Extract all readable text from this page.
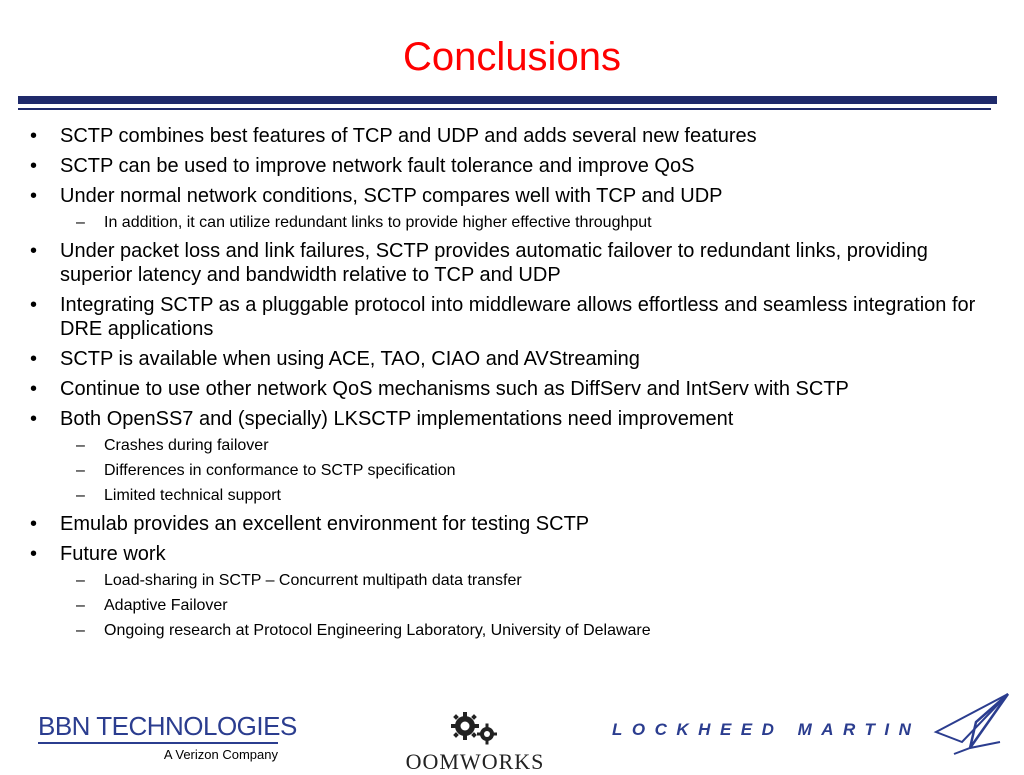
Conclusions
• SCTP combines best features of TCP and UDP and adds several new features
• SCTP can be used to improve network fault tolerance and improve QoS
• Under normal network conditions, SCTP compares well with TCP and UDP
– In addition, it can utilize redundant links to provide higher effective throughput
• Under packet loss and link failures, SCTP provides automatic failover to redundant links, providing superior latency and bandwidth relative to TCP and UDP
• Integrating SCTP as a pluggable protocol into middleware allows effortless and seamless integration for DRE applications
• SCTP is available when using ACE, TAO, CIAO and AVStreaming
• Continue to use other network QoS mechanisms such as DiffServ and IntServ with SCTP
• Both OpenSS7 and (specially) LKSCTP implementations need improvement
– Crashes during failover
– Differences in conformance to SCTP specification
– Limited technical support
• Emulab provides an excellent environment for testing SCTP
• Future work
– Load-sharing in SCTP – Concurrent multipath data transfer
– Adaptive Failover
– Ongoing research at Protocol Engineering Laboratory, University of Delaware
BBN TECHNOLOGIES
A Verizon Company	OOMWORKS
LOCKHEED MARTIN
